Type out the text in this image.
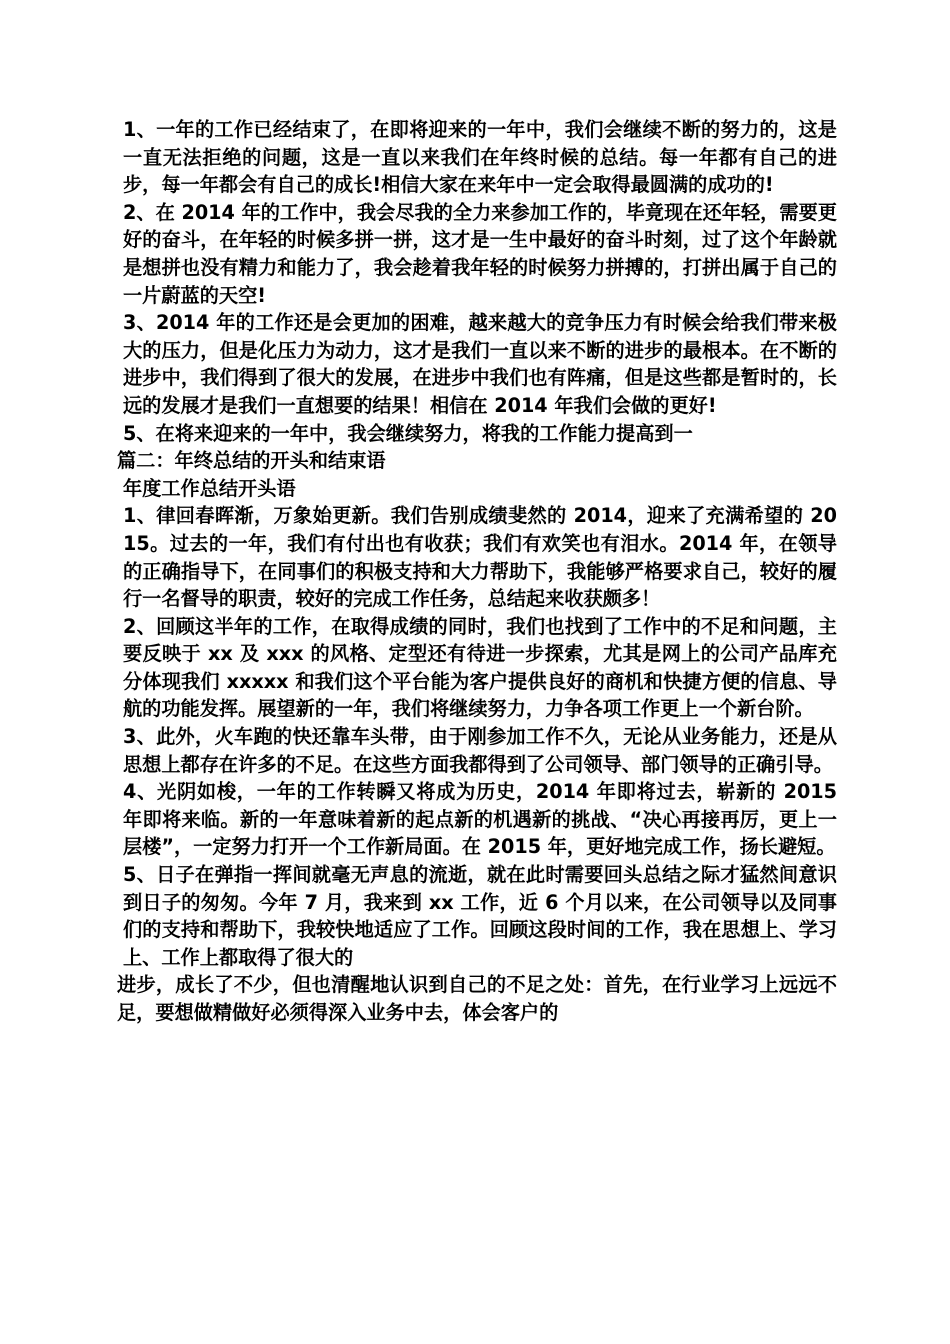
1、一年的工作已经结束了，在即将迎来的一年中，我们会继续不断的努力的，这是一直无法拒绝的问题，这是一直以来我们在年终时候的总结。每一年都有自己的进步，每一年都会有自己的成长!相信大家在来年中一定会取得最圆满的成功的!

2、在 2014 年的工作中，我会尽我的全力来参加工作的，毕竟现在还年轻，需要更好的奋斗，在年轻的时候多拼一拼，这才是一生中最好的奋斗时刻，过了这个年龄就是想拼也没有精力和能力了，我会趁着我年轻的时候努力拼搏的，打拼出属于自己的一片蔚蓝的天空!

3、2014 年的工作还是会更加的困难，越来越大的竞争压力有时候会给我们带来极大的压力，但是化压力为动力，这才是我们一直以来不断的进步的最根本。在不断的进步中，我们得到了很大的发展，在进步中我们也有阵痛，但是这些都是暂时的，长远的发展才是我们一直想要的结果！相信在 2014 年我们会做的更好!

5、在将来迎来的一年中，我会继续努力，将我的工作能力提高到一

篇二：年终总结的开头和结束语

年度工作总结开头语

1、律回春晖渐，万象始更新。我们告别成绩斐然的 2014，迎来了充满希望的 2015。过去的一年，我们有付出也有收获；我们有欢笑也有泪水。2014 年，在领导的正确指导下，在同事们的积极支持和大力帮助下，我能够严格要求自己，较好的履行一名督导的职责，较好的完成工作任务，总结起来收获颇多！

2、回顾这半年的工作，在取得成绩的同时，我们也找到了工作中的不足和问题，主要反映于 xx 及 xxx 的风格、定型还有待进一步探索，尤其是网上的公司产品库充分体现我们 xxxxx 和我们这个平台能为客户提供良好的商机和快捷方便的信息、导航的功能发挥。展望新的一年，我们将继续努力，力争各项工作更上一个新台阶。

3、此外，火车跑的快还靠车头带，由于刚参加工作不久，无论从业务能力，还是从思想上都存在许多的不足。在这些方面我都得到了公司领导、部门领导的正确引导。

4、光阴如梭，一年的工作转瞬又将成为历史，2014 年即将过去，崭新的 2015 年即将来临。新的一年意味着新的起点新的机遇新的挑战、“决心再接再厉，更上一层楼”，一定努力打开一个工作新局面。在 2015 年，更好地完成工作，扬长避短。

5、日子在弹指一挥间就毫无声息的流逝，就在此时需要回头总结之际才猛然间意识到日子的匆匆。今年 7 月，我来到 xx 工作，近 6 个月以来，在公司领导以及同事们的支持和帮助下，我较快地适应了工作。回顾这段时间的工作，我在思想上、学习上、工作上都取得了很大的

进步，成长了不少，但也清醒地认识到自己的不足之处：首先，在行业学习上远远不足，要想做精做好必须得深入业务中去，体会客户的
